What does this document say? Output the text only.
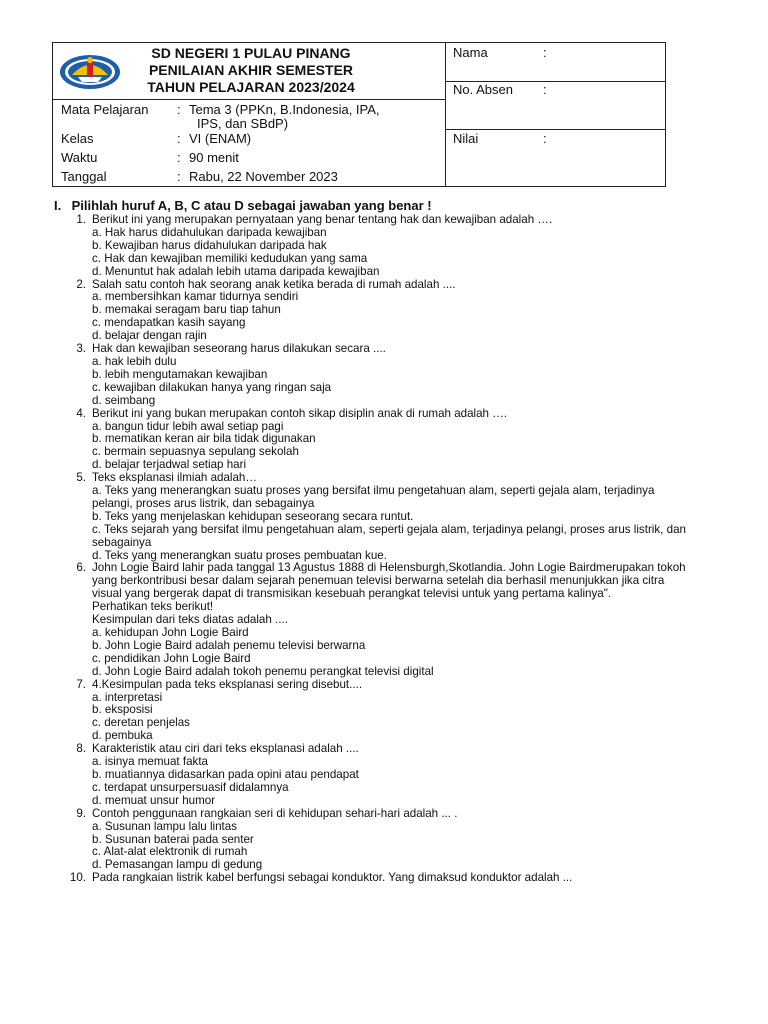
SD NEGERI 1 PULAU PINANG
PENILAIAN AKHIR SEMESTER
TAHUN PELAJARAN 2023/2024
Mata Pelajaran : Tema 3 (PPKn, B.Indonesia, IPA,
IPS, dan SBdP)
Kelas	: VI (ENAM)
Waktu	: 90 menit
Tanggal	: Rabu, 22 November 2023
Nama	:
No. Absen :
Nilai	:
I. Pilihlah huruf A, B, C atau D sebagai jawaban yang benar !
1. Berikut ini yang merupakan pernyataan yang benar tentang hak dan kewajiban adalah ….
a. Hak harus didahulukan daripada kewajiban
b. Kewajiban harus didahulukan daripada hak
c. Hak dan kewajiban memiliki kedudukan yang sama
d. Menuntut hak adalah lebih utama daripada kewajiban
2. Salah satu contoh hak seorang anak ketika berada di rumah adalah ....
a. membersihkan kamar tidurnya sendiri
b. memakai seragam baru tiap tahun
c. mendapatkan kasih sayang
d. belajar dengan rajin
3. Hak dan kewajiban seseorang harus dilakukan secara ....
a. hak lebih dulu
b. lebih mengutamakan kewajiban
c. kewajiban dilakukan hanya yang ringan saja
d. seimbang
4. Berikut ini yang bukan merupakan contoh sikap disiplin anak di rumah adalah ….
a. bangun tidur lebih awal setiap pagi
b. mematikan keran air bila tidak digunakan
c. bermain sepuasnya sepulang sekolah
d. belajar terjadwal setiap hari
5. Teks eksplanasi ilmiah adalah…
a. Teks yang menerangkan suatu proses yang bersifat ilmu pengetahuan alam, seperti gejala alam, terjadinya pelangi, proses arus listrik, dan sebagainya
b. Teks yang menjelaskan kehidupan seseorang secara runtut.
c. Teks sejarah yang bersifat ilmu pengetahuan alam, seperti gejala alam, terjadinya pelangi, proses arus listrik, dan sebagainya
d. Teks yang menerangkan suatu proses pembuatan kue.
6. John Logie Baird lahir pada tanggal 13 Agustus 1888 di Helensburgh,Skotlandia. John Logie Bairdmerupakan tokoh yang berkontribusi besar dalam sejarah penemuan televisi berwarna setelah dia berhasil menunjukkan jika citra visual yang bergerak dapat di transmisikan kesebuah perangkat televisi untuk yang pertama kalinya".
Perhatikan teks berikut!
Kesimpulan dari teks diatas adalah ....
a. kehidupan John Logie Baird
b. John Logie Baird adalah penemu televisi berwarna
c. pendidikan John Logie Baird
d. John Logie Baird adalah tokoh penemu perangkat televisi digital
7. 4.Kesimpulan pada teks eksplanasi sering disebut....
a. interpretasi
b. eksposisi
c. deretan penjelas
d. pembuka
8. Karakteristik atau ciri dari teks eksplanasi adalah ....
a. isinya memuat fakta
b. muatiannya didasarkan pada opini atau pendapat
c. terdapat unsurpersuasif didalamnya
d. memuat unsur humor
9. Contoh penggunaan rangkaian seri di kehidupan sehari-hari adalah ... .
a. Susunan lampu lalu lintas
b. Susunan baterai pada senter
c. Alat-alat elektronik di rumah
d. Pemasangan lampu di gedung
10. Pada rangkaian listrik kabel berfungsi sebagai konduktor. Yang dimaksud konduktor adalah ...
